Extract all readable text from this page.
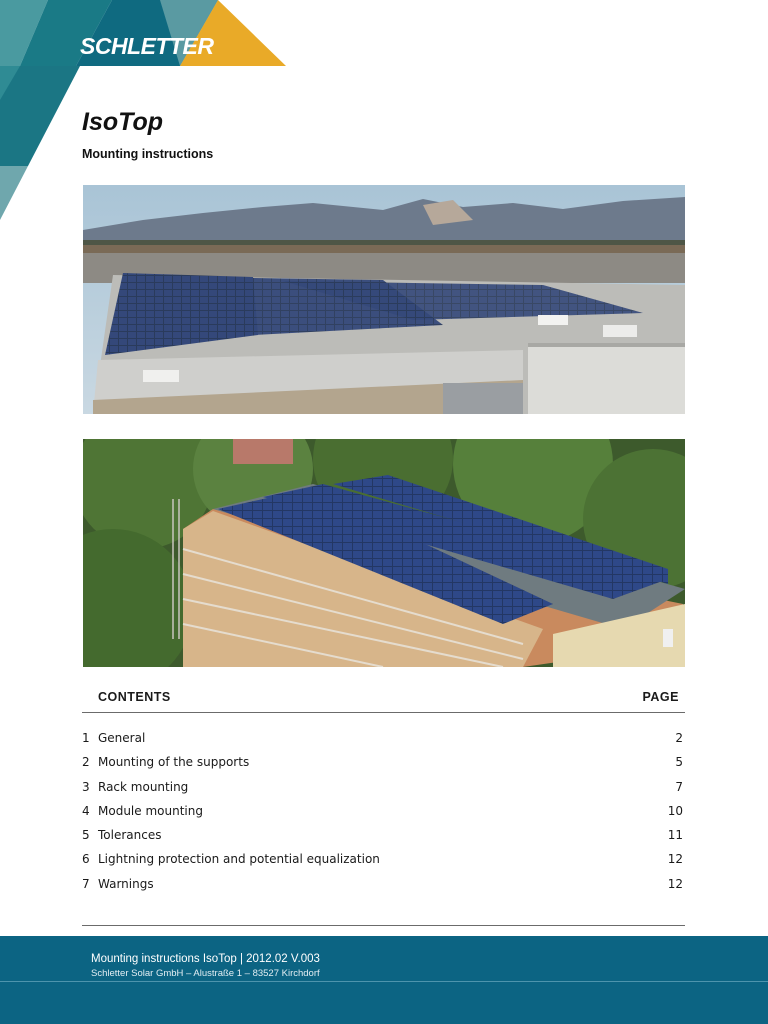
SCHLETTER
IsoTop
Mounting instructions
CONTENTS	PAGE
1 General	2
2 Mounting of the supports	5
3 Rack mounting	7
4 Module mounting	10
5 Tolerances	11
6 Lightning protection and potential equalization	12
7 Warnings	12
Mounting instructions IsoTop | 2012.02 V.003
Schletter Solar GmbH – Alustraße 1 – 83527 Kirchdorf
